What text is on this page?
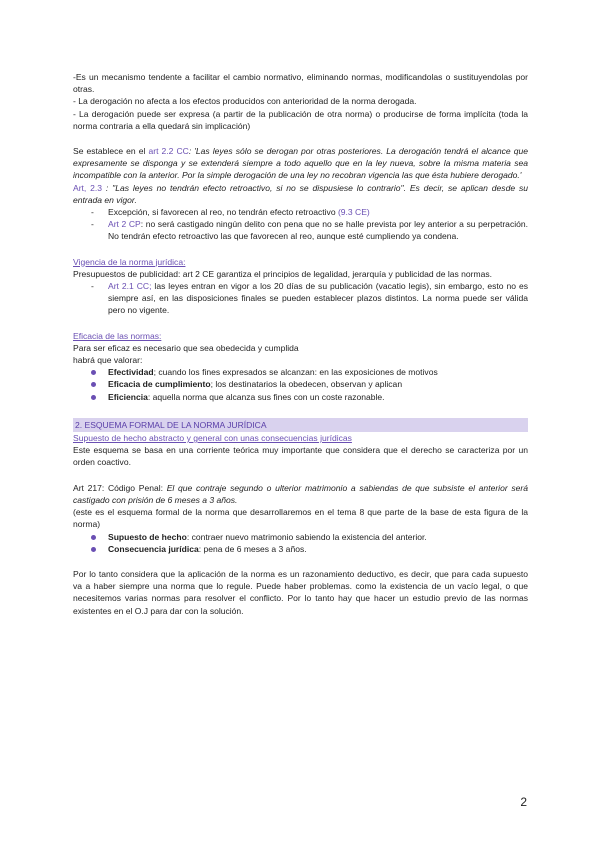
-Es un mecanismo tendente a facilitar el cambio normativo, eliminando normas, modificandolas o sustituyendolas por otras.

- La derogación no afecta a los efectos producidos con anterioridad de la norma derogada.

- La derogación puede ser expresa (a partir de la publicación de otra norma) o producirse de forma implícita (toda la norma contraria a ella quedará sin implicación)

Se establece en el art 2.2 CC: 'Las leyes sólo se derogan por otras posteriores. La derogación tendrá el alcance que expresamente se disponga y se extenderá siempre a todo aquello que en la ley nueva, sobre la misma materia sea incompatible con la anterior. Por la simple derogación de una ley no recobran vigencia las que ésta hubiere derogado.'

Art, 2.3 : "Las leyes no tendrán efecto retroactivo, si no se dispusiese lo contrario". Es decir, se aplican desde su entrada en vigor.

- Excepción, si favorecen al reo, no tendrán efecto retroactivo (9.3 CE)
- Art 2 CP: no será castigado ningún delito con pena que no se halle prevista por ley anterior a su perpetración. No tendrán efecto retroactivo las que favorecen al reo, aunque esté cumpliendo ya condena.

Vigencia de la norma jurídica:

Presupuestos de publicidad: art 2 CE garantiza el principios de legalidad, jerarquía y publicidad de las normas.

- Art 2.1 CC; las leyes entran en vigor a los 20 días de su publicación (vacatio legis), sin embargo, esto no es siempre así, en las disposiciones finales se pueden establecer plazos distintos. La norma puede ser válida pero no vigente.

Eficacia de las normas:

Para ser eficaz es necesario que sea obedecida y cumplida

habrá que valorar:

Efectividad; cuando los fines expresados se alcanzan: en las exposiciones de motivos
Eficacia de cumplimiento; los destinatarios la obedecen, observan y aplican
Eficiencia: aquella norma que alcanza sus fines con un coste razonable.
2. ESQUEMA FORMAL DE LA NORMA JURÍDICA

Supuesto de hecho abstracto y general con unas consecuencias jurídicas

Este esquema se basa en una corriente teórica muy importante que considera que el derecho se caracteriza por un orden coactivo.

Art 217: Código Penal: El que contraje segundo o ulterior matrimonio a sabiendas de que subsiste el anterior será castigado con prisión de 6 meses a 3 años.

(este es el esquema formal de la norma que desarrollaremos en el tema 8 que parte de la base de esta figura de la norma)

Supuesto de hecho: contraer nuevo matrimonio sabiendo la existencia del anterior.
Consecuencia jurídica: pena de 6 meses a 3 años.

Por lo tanto considera que la aplicación de la norma es un razonamiento deductivo, es decir, que para cada supuesto va a haber siempre una norma que lo regule. Puede haber problemas. como la existencia de un vacío legal, o que necesitemos varias normas para resolver el conflicto. Por lo tanto hay que hacer un estudio previo de las normas existentes en el O.J para dar con la solución.

2
